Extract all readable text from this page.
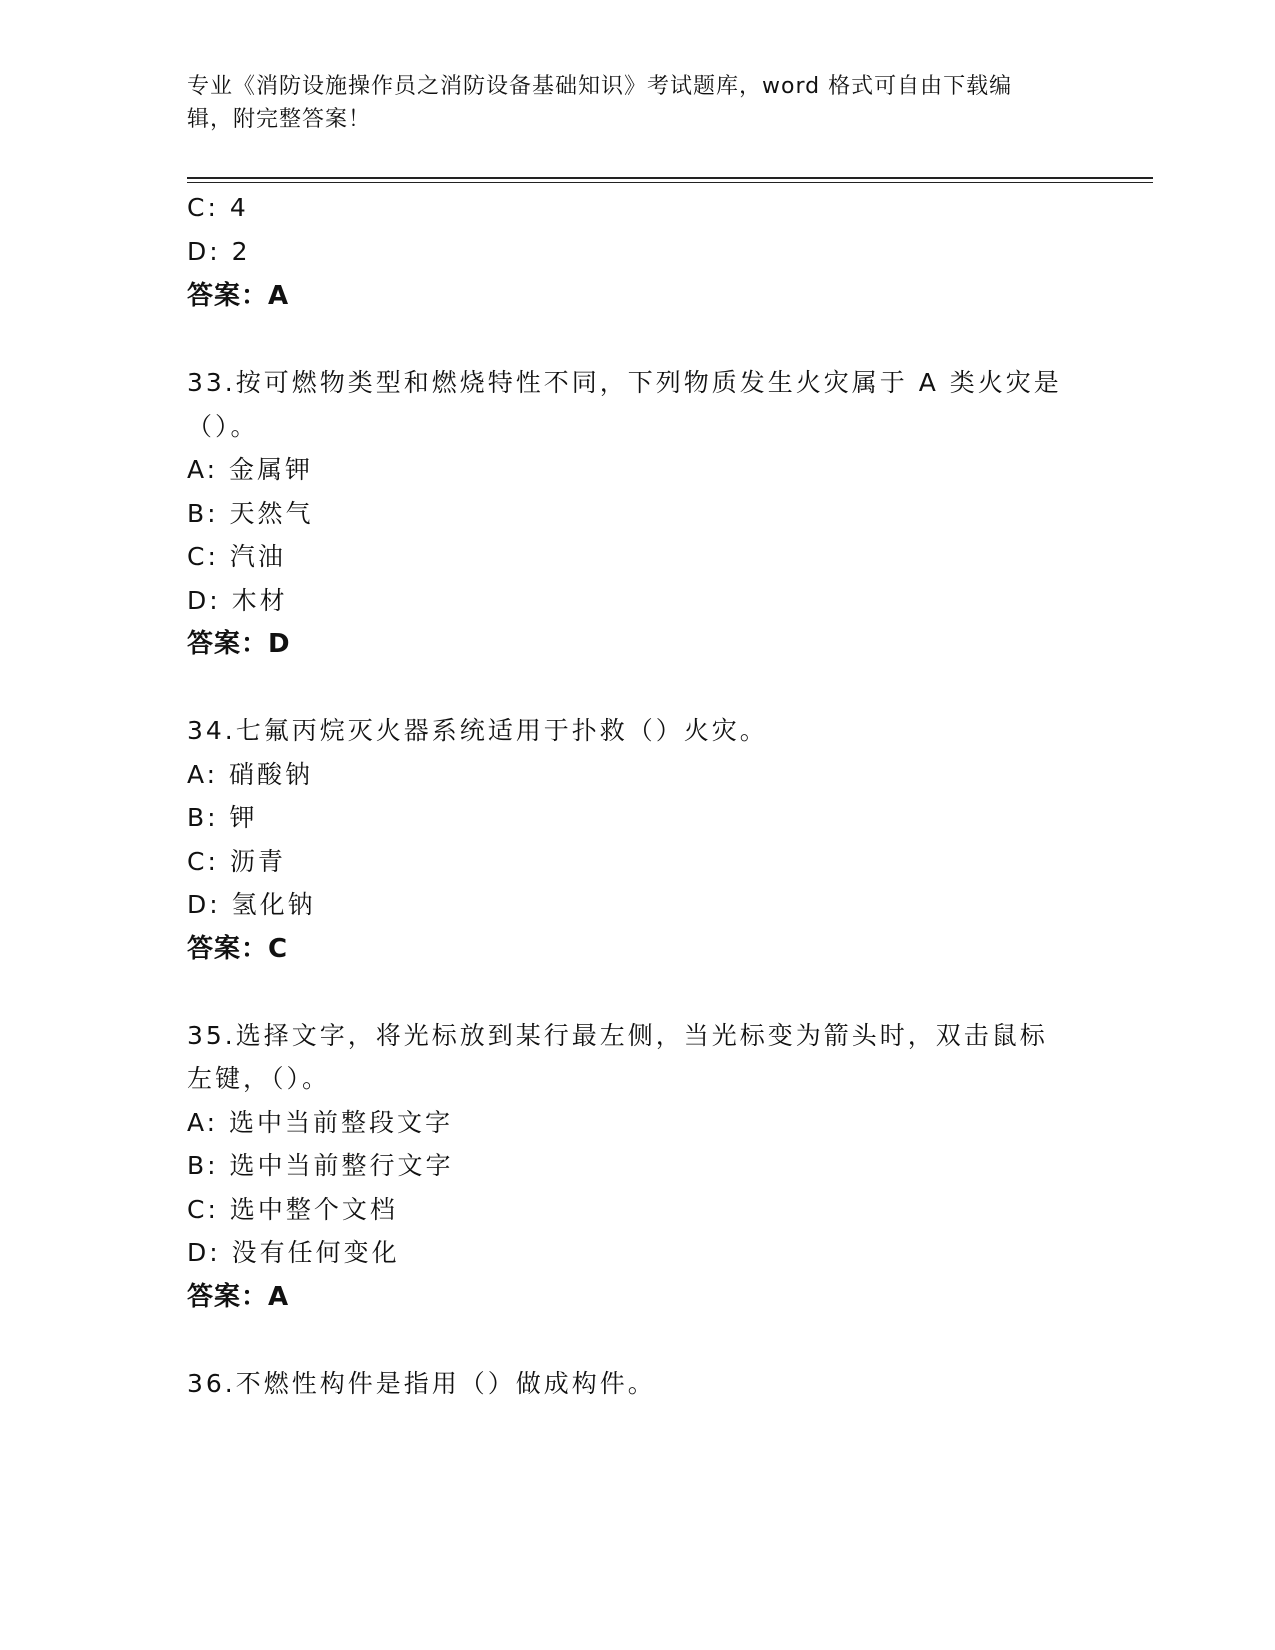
专业《消防设施操作员之消防设备基础知识》考试题库，word 格式可自由下载编
辑，附完整答案！
C: 4
D: 2
答案：A
33.按可燃物类型和燃烧特性不同，下列物质发生火灾属于 A 类火灾是
（）。
A: 金属钾
B: 天然气
C: 汽油
D: 木材
答案：D
34.七氟丙烷灭火器系统适用于扑救（）火灾。
A: 硝酸钠
B: 钾
C: 沥青
D: 氢化钠
答案：C
35.选择文字，将光标放到某行最左侧，当光标变为箭头时，双击鼠标
左键，（）。
A: 选中当前整段文字
B: 选中当前整行文字
C: 选中整个文档
D: 没有任何变化
答案：A
36.不燃性构件是指用（）做成构件。
